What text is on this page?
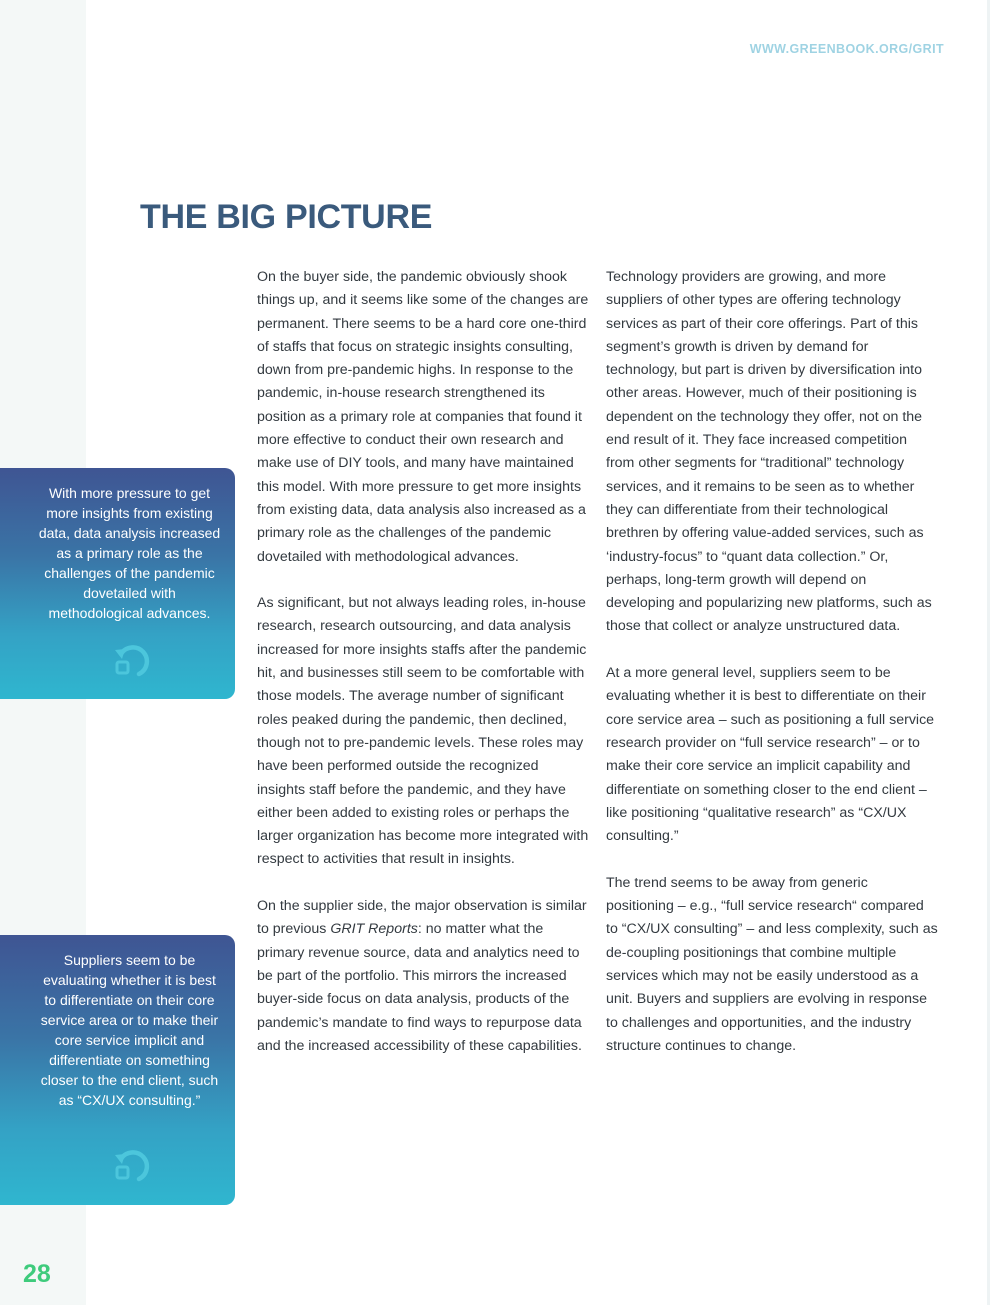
WWW.GREENBOOK.ORG/GRIT
THE BIG PICTURE
With more pressure to get more insights from existing data, data analysis increased as a primary role as the challenges of the pandemic dovetailed with methodological advances.
Suppliers seem to be evaluating whether it is best to differentiate on their core service area or to make their core service implicit and differentiate on something closer to the end client, such as “CX/UX consulting.”

On the buyer side, the pandemic obviously shook things up, and it seems like some of the changes are permanent. There seems to be a hard core one-third of staffs that focus on strategic insights consulting, down from pre-pandemic highs. In response to the pandemic, in-house research strengthened its position as a primary role at companies that found it more effective to conduct their own research and make use of DIY tools, and many have maintained this model. With more pressure to get more insights from existing data, data analysis also increased as a primary role as the challenges of the pandemic dovetailed with methodological advances.

As significant, but not always leading roles, in-house research, research outsourcing, and data analysis increased for more insights staffs after the pandemic hit, and businesses still seem to be comfortable with those models. The average number of significant roles peaked during the pandemic, then declined, though not to pre-pandemic levels. These roles may have been performed outside the recognized insights staff before the pandemic, and they have either been added to existing roles or perhaps the larger organization has become more integrated with respect to activities that result in insights.

On the supplier side, the major observation is similar to previous GRIT Reports: no matter what the primary revenue source, data and analytics need to be part of the portfolio. This mirrors the increased buyer-side focus on data analysis, products of the pandemic’s mandate to find ways to repurpose data and the increased accessibility of these capabilities.

Technology providers are growing, and more suppliers of other types are offering technology services as part of their core offerings. Part of this segment’s growth is driven by demand for technology, but part is driven by diversification into other areas. However, much of their positioning is dependent on the technology they offer, not on the end result of it. They face increased competition from other segments for “traditional” technology services, and it remains to be seen as to whether they can differentiate from their technological brethren by offering value-added services, such as ‘industry-focus” to “quant data collection.” Or, perhaps, long-term growth will depend on developing and popularizing new platforms, such as those that collect or analyze unstructured data.

At a more general level, suppliers seem to be evaluating whether it is best to differentiate on their core service area – such as positioning a full service research provider on “full service research” – or to make their core service an implicit capability and differentiate on something closer to the end client – like positioning “qualitative research” as “CX/UX consulting.”

The trend seems to be away from generic positioning – e.g., “full service research“ compared to “CX/UX consulting” – and less complexity, such as de-coupling positionings that combine multiple services which may not be easily understood as a unit. Buyers and suppliers are evolving in response to challenges and opportunities, and the industry structure continues to change.

28
